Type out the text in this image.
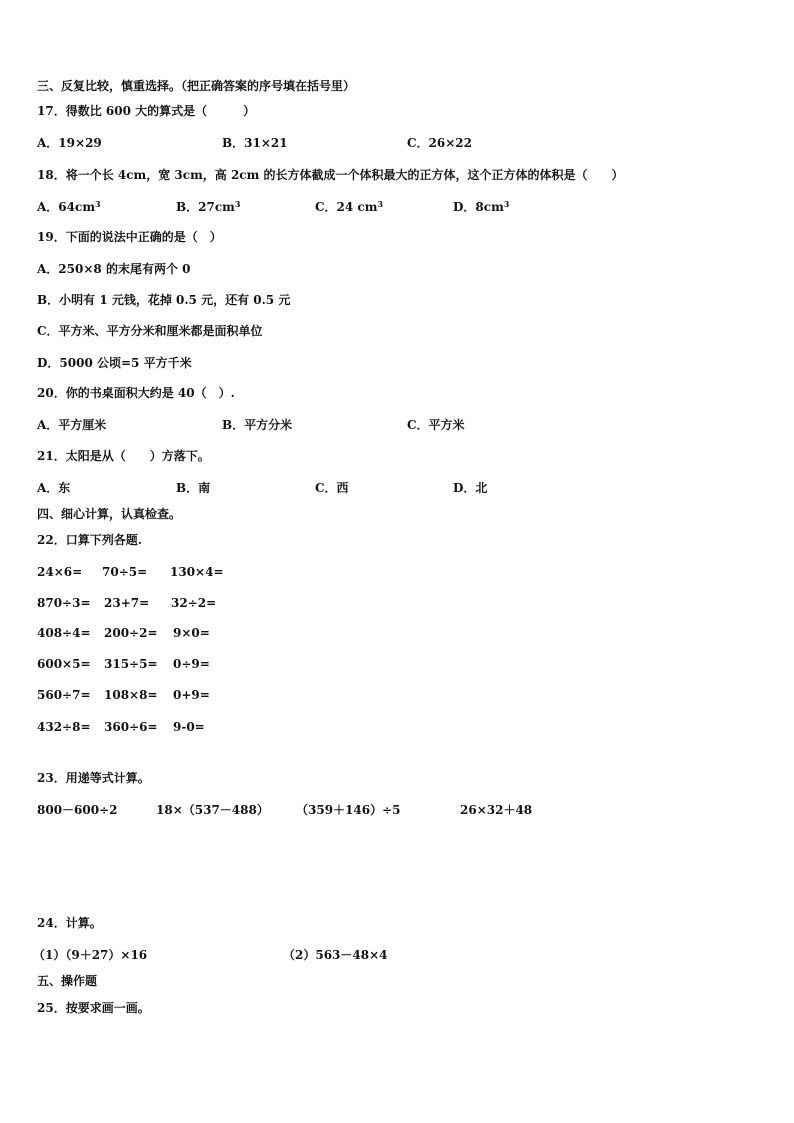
三、反复比较，慎重选择。（把正确答案的序号填在括号里）
17．得数比 600 大的算式是（　　　）
A．19×29	B．31×21	C．26×22
18．将一个长 4cm，宽 3cm，高 2cm 的长方体截成一个体积最大的正方体，这个正方体的体积是（　　）
A．$64cm^3$	B．$27cm^3$	C．24 $cm^3$	D．$8cm^3$
19．下面的说法中正确的是（　）
A．250×8 的末尾有两个 0
B．小明有 1 元钱，花掉 0.5 元，还有 0.5 元
C．平方米、平方分米和厘米都是面积单位
D．5000 公顷=5 平方千米
20．你的书桌面积大约是 40（　）.
A．平方厘米	B．平方分米	C．平方米
21．太阳是从（　　）方落下。
A．东	B．南	C．西	D．北
四、细心计算，认真检查。
22．口算下列各题.
24×6= 70÷5= 130×4=
870÷3= 23+7= 32÷2=
408÷4= 200÷2= 9×0=
600×5= 315÷5= 0÷9=
560÷7= 108×8= 0+9=
432÷8= 360÷6= 9-0=
23．用递等式计算。
800－600÷2	18×（537－488） （359＋146）÷5	26×32＋48
24．计算。
（1）（9＋27）×16	（2）563－48×4
五、操作题
25．按要求画一画。
